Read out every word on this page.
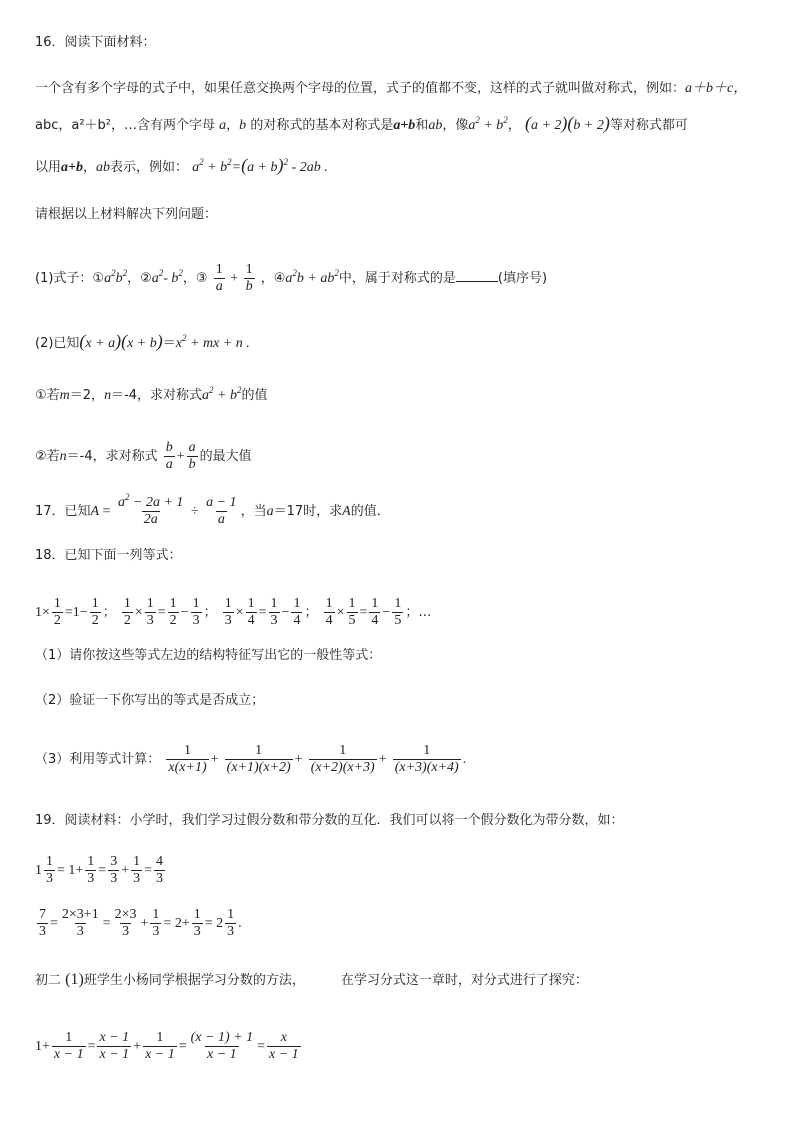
16．阅读下面材料：
一个含有多个字母的式子中，如果任意交换两个字母的位置，式子的值都不变，这样的式子就叫做对称式，例如：a＋b＋c，
abc，a²＋b²，…含有两个字母 a，b 的对称式的基本对称式是a+b和ab，像$a^2 + b^2$， (a + 2)(b + 2)等对称式都可
以用a+b，ab表示，例如： $a^2 + b^2=(a + b)^2 - 2ab$ .
请根据以上材料解决下列问题：
(1)式子：$①a^2b^2$，$②a^2-$ $b^2$，③ $\frac{1}{a} + \frac{1}{b}$ ，$④a^2b + ab^2$中，属于对称式的是	(填序号)
(2)已知$(x + a)(x + b)=x^2$ + mx + n .
①若m＝2，n＝-4，求对称式$a^2 + b^2$的值
②若n＝-4，求对称式 $\frac{b}{a} + \frac{a}{b}$ 的最大值
17．已知$A = \frac{a^2 - 2a + 1}{2a} \div \frac{a - 1}{a}$ ，当a＝17时，求A的值．
18．已知下面一列等式：
$1\times \frac{1}{2} =1- \frac{1}{2}$ ； $\frac{1}{2} \times \frac{1}{3} = \frac{1}{2} - \frac{1}{3}$ ； $\frac{1}{3} \times \frac{1}{4} = \frac{1}{3} - \frac{1}{4}$ ； $\frac{1}{4} \times \frac{1}{5} = \frac{1}{4} - \frac{1}{5}$ ；…
（1）请你按这些等式左边的结构特征写出它的一般性等式：
（2）验证一下你写出的等式是否成立；
（3）利用等式计算： $\frac{1}{x(x+1)} + \frac{1}{(x+1)(x+2)} + \frac{1}{(x+2)(x+3)} + \frac{1}{(x+3)(x+4)}$ .
19．阅读材料：小学时，我们学习过假分数和带分数的互化．我们可以将一个假分数化为带分数，如：
$1 \frac{1}{3} = 1+ \frac{1}{3} = \frac{3}{3} + \frac{1}{3} = \frac{4}{3}$
$\frac{7}{3} = \frac{2\times 3+1}{3} = \frac{2\times 3}{3} + \frac{1}{3} = 2+ \frac{1}{3} = 2 \frac{1}{3}$ .
初二 (1)班学生小杨同学根据学习分数的方法，	在学习分式这一章时，对分式进行了探究：
$1+ \frac{1}{x - 1} = \frac{x - 1}{x - 1} + \frac{1}{x - 1} = \frac{(x - 1) + 1}{x - 1} = \frac{x}{x - 1}$
